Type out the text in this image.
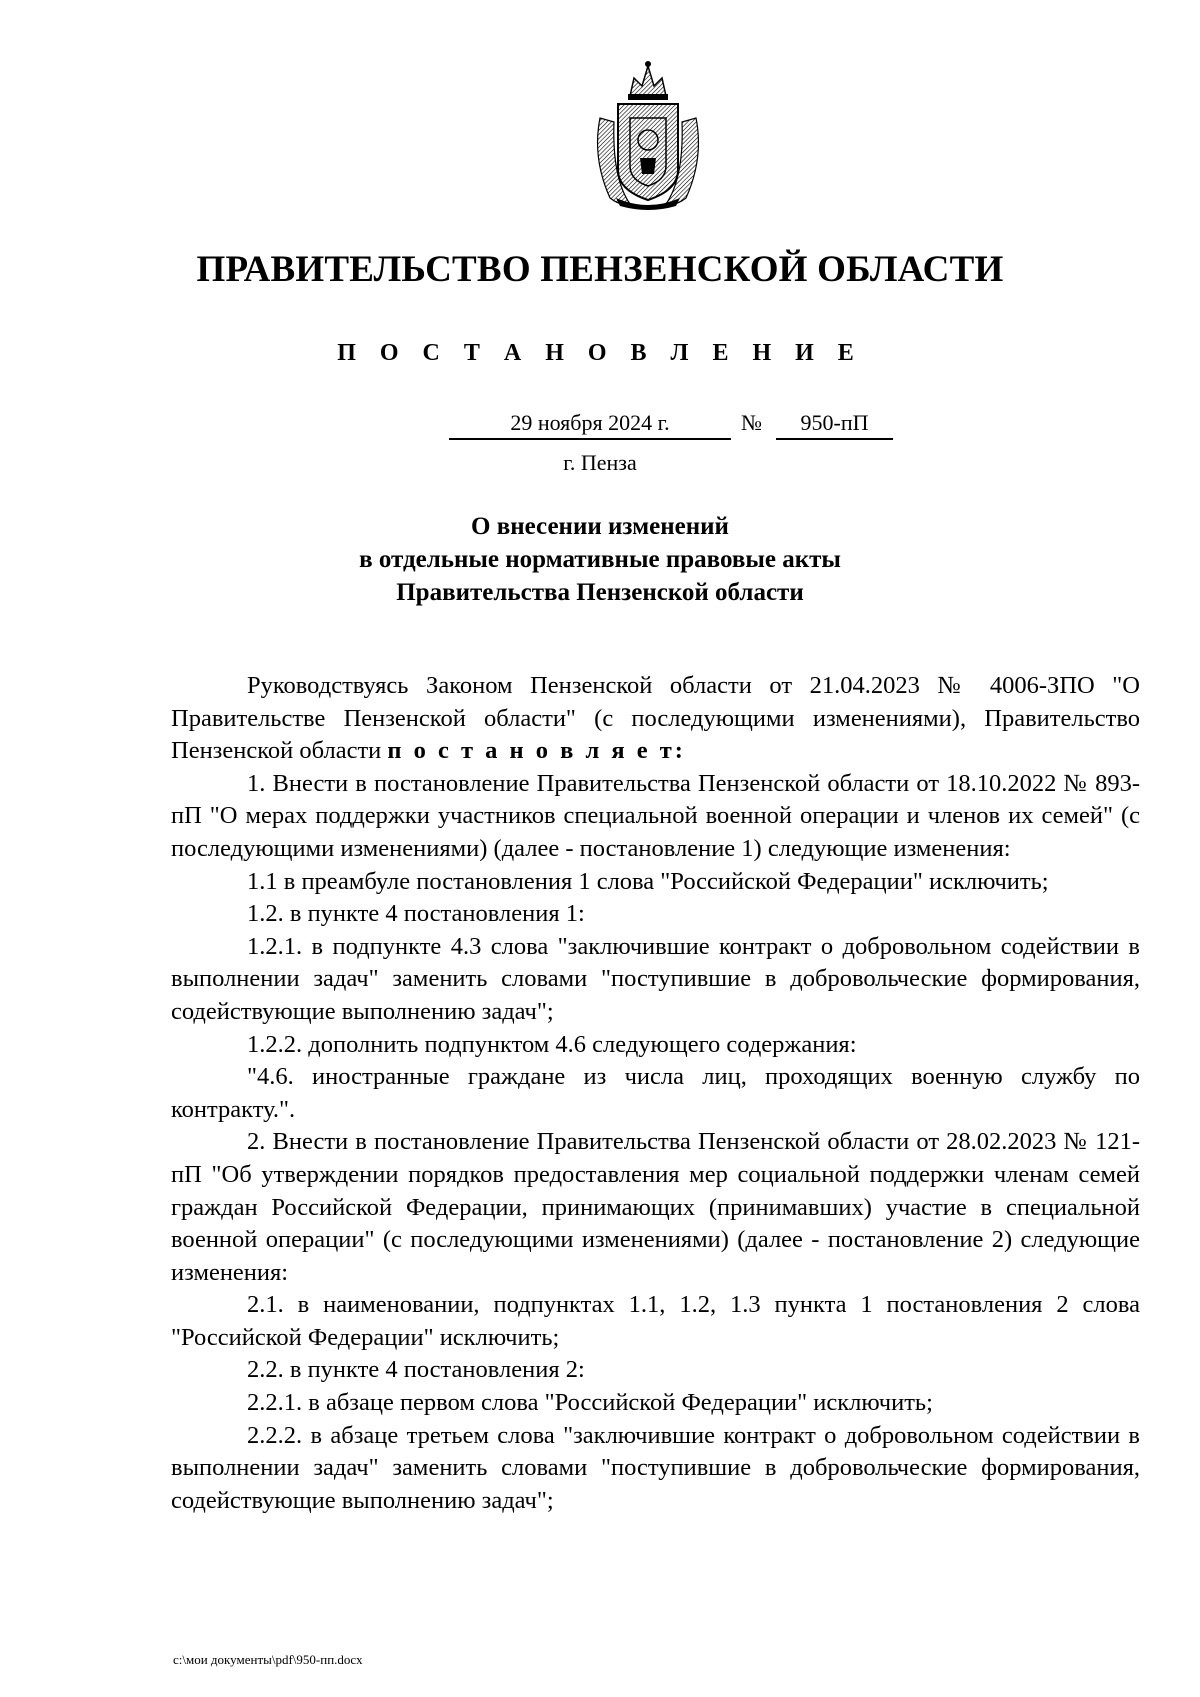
ПРАВИТЕЛЬСТВО ПЕНЗЕНСКОЙ ОБЛАСТИ
П О С Т А Н О В Л Е Н И Е
29 ноября 2024 г.	№	950-пП
г. Пенза
О внесении изменений
в отдельные нормативные правовые акты
Правительства Пензенской области

Руководствуясь Законом Пензенской области от 21.04.2023 № 4006-ЗПО "О Правительстве Пензенской области" (с последующими изменениями), Правительство Пензенской области п о с т а н о в л я е т:

1. Внести в постановление Правительства Пензенской области от 18.10.2022 № 893-пП "О мерах поддержки участников специальной военной операции и членов их семей" (с последующими изменениями) (далее - постановление 1) следующие изменения:

1.1 в преамбуле постановления 1 слова "Российской Федерации" исключить;

1.2. в пункте 4 постановления 1:

1.2.1. в подпункте 4.3 слова "заключившие контракт о добровольном содействии в выполнении задач" заменить словами "поступившие в добровольческие формирования, содействующие выполнению задач";

1.2.2. дополнить подпунктом 4.6 следующего содержания:

"4.6. иностранные граждане из числа лиц, проходящих военную службу по контракту.".

2. Внести в постановление Правительства Пензенской области от 28.02.2023 № 121-пП "Об утверждении порядков предоставления мер социальной поддержки членам семей граждан Российской Федерации, принимающих (принимавших) участие в специальной военной операции" (с последующими изменениями) (далее - постановление 2) следующие изменения:

2.1. в наименовании, подпунктах 1.1, 1.2, 1.3 пункта 1 постановления 2 слова "Российской Федерации" исключить;

2.2. в пункте 4 постановления 2:

2.2.1. в абзаце первом слова "Российской Федерации" исключить;

2.2.2. в абзаце третьем слова "заключившие контракт о добровольном содействии в выполнении задач" заменить словами "поступившие в добровольческие формирования, содействующие выполнению задач";

c:\мои документы\pdf\950-пп.docx
